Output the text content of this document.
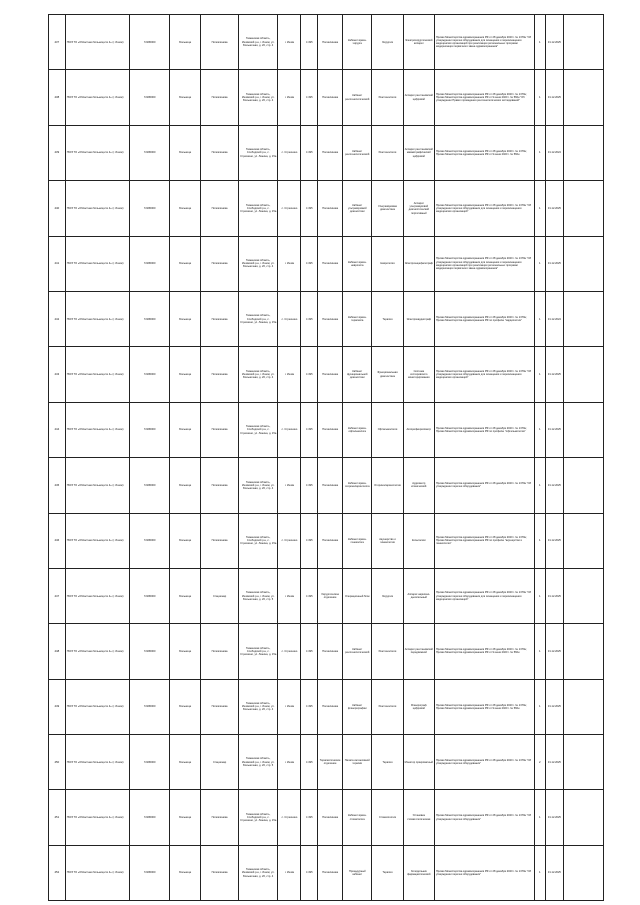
437	ГБУЗ ТО «Областная больница № 4» (г. Ишим)	72180000	Больница	Поликлиника	Тюменская область, Ишимский р-н, г. Ишим, ул. Больничная, д. 20, стр. 4	г. Ишим	4 495	Поликлиника	Кабинет врача-хирурга	Хирургия	Электрохирургический аппарат	Приказ Министерства здравоохранения РФ от 28 декабря 2020 г. № 1379н "Об утверждении перечня оборудования для оснащения и переоснащения медицинских организаций при реализации региональных программ модернизации первичного звена здравоохранения"	1	31.12.2025	
438	ГБУЗ ТО «Областная больница № 4» (г. Ишим)	72180000	Больница	Поликлиника	Тюменская область, Ишимский р-н, г. Ишим, ул. Больничная, д. 20, стр. 4	г. Ишим	4 495	Поликлиника	Кабинет рентгенологический	Рентгенология	Аппарат рентгеновский цифровой	Приказ Министерства здравоохранения РФ от 28 декабря 2020 г. № 1379н; Приказ Министерства здравоохранения РФ от 9 июня 2020 г. № 560н "Об утверждении Правил проведения рентгенологических исследований"	1	31.12.2025	
439	ГБУЗ ТО «Областная больница № 4» (г. Ишим)	72180000	Больница	Поликлиника	Тюменская область, Слободской р-н, с. Стрехнино, ул. Ленина, д. 15а	с. Стрехнино	4 495	Поликлиника	Кабинет рентгенологический	Рентгенология	Аппарат рентгеновский маммографический цифровой	Приказ Министерства здравоохранения РФ от 28 декабря 2020 г. № 1379н; Приказ Министерства здравоохранения РФ от 9 июня 2020 г. № 560н	1	31.12.2024	
440	ГБУЗ ТО «Областная больница № 4» (г. Ишим)	72180000	Больница	Поликлиника	Тюменская область, Слободской р-н, с. Стрехнино, ул. Ленина, д. 15а	с. Стрехнино	4 495	Поликлиника	Кабинет ультразвуковой диагностики	Ультразвуковая диагностика	Аппарат ультразвуковой диагностический портативный	Приказ Министерства здравоохранения РФ от 28 декабря 2020 г. № 1379н "Об утверждении перечня оборудования для оснащения и переоснащения медицинских организаций"	1	31.12.2025	
441	ГБУЗ ТО «Областная больница № 4» (г. Ишим)	72180000	Больница	Поликлиника	Тюменская область, Ишимский р-н, г. Ишим, ул. Больничная, д. 20, стр. 4	г. Ишим	4 495	Поликлиника	Кабинет врача-невролога	Неврология	Электроэнцефалограф	Приказ Министерства здравоохранения РФ от 28 декабря 2020 г. № 1379н "Об утверждении перечня оборудования для оснащения и переоснащения медицинских организаций при реализации региональных программ модернизации первичного звена здравоохранения"	1	31.12.2025	
442	ГБУЗ ТО «Областная больница № 4» (г. Ишим)	72180000	Больница	Поликлиника	Тюменская область, Слободской р-н, с. Стрехнино, ул. Ленина, д. 15а	с. Стрехнино	4 495	Поликлиника	Кабинет врача-терапевта	Терапия	Электрокардиограф	Приказ Министерства здравоохранения РФ от 28 декабря 2020 г. № 1379н; Приказ Министерства здравоохранения РФ по профилю "кардиология"	1	31.12.2024	
443	ГБУЗ ТО «Областная больница № 4» (г. Ишим)	72180000	Больница	Поликлиника	Тюменская область, Ишимский р-н, г. Ишим, ул. Больничная, д. 20, стр. 4	г. Ишим	4 495	Поликлиника	Кабинет функциональной диагностики	Функциональная диагностика	Система холтеровского мониторирования	Приказ Министерства здравоохранения РФ от 28 декабря 2020 г. № 1379н "Об утверждении перечня оборудования для оснащения и переоснащения медицинских организаций"	1	31.12.2025	
444	ГБУЗ ТО «Областная больница № 4» (г. Ишим)	72180000	Больница	Поликлиника	Тюменская область, Слободской р-н, с. Стрехнино, ул. Ленина, д. 15а	с. Стрехнино	4 495	Поликлиника	Кабинет врача-офтальмолога	Офтальмология	Авторефкератометр	Приказ Министерства здравоохранения РФ от 28 декабря 2020 г. № 1379н; Приказ Министерства здравоохранения РФ по профилю "офтальмология"	1	31.12.2025	
445	ГБУЗ ТО «Областная больница № 4» (г. Ишим)	72180000	Больница	Поликлиника	Тюменская область, Ишимский р-н, г. Ишим, ул. Больничная, д. 20, стр. 4	г. Ишим	4 495	Поликлиника	Кабинет врача-оториноларинголога	Оториноларингология	Аудиометр клинический	Приказ Министерства здравоохранения РФ от 28 декабря 2020 г. № 1379н "Об утверждении перечня оборудования"	1	31.12.2025	
446	ГБУЗ ТО «Областная больница № 4» (г. Ишим)	72180000	Больница	Поликлиника	Тюменская область, Слободской р-н, с. Стрехнино, ул. Ленина, д. 15а	с. Стрехнино	4 495	Поликлиника	Кабинет врача-гинеколога	Акушерство и гинекология	Кольпоскоп	Приказ Министерства здравоохранения РФ от 28 декабря 2020 г. № 1379н; Приказ Министерства здравоохранения РФ по профилю "акушерство и гинекология"	1	31.12.2025	
447	ГБУЗ ТО «Областная больница № 4» (г. Ишим)	72180000	Больница	Стационар	Тюменская область, Ишимский р-н, г. Ишим, ул. Больничная, д. 20, стр. 5	г. Ишим	4 495	Хирургическое отделение	Операционный блок	Хирургия	Аппарат наркозно-дыхательный	Приказ Министерства здравоохранения РФ от 28 декабря 2020 г. № 1379н "Об утверждении перечня оборудования для оснащения и переоснащения медицинских организаций"	1	31.12.2025	
448	ГБУЗ ТО «Областная больница № 4» (г. Ишим)	72180000	Больница	Поликлиника	Тюменская область, Слободской р-н, с. Стрехнино, ул. Ленина, д. 15а	с. Стрехнино	4 495	Поликлиника	Кабинет рентгенологический	Рентгенология	Аппарат рентгеновский передвижной	Приказ Министерства здравоохранения РФ от 28 декабря 2020 г. № 1379н; Приказ Министерства здравоохранения РФ от 9 июня 2020 г. № 560н	1	31.12.2025	
449	ГБУЗ ТО «Областная больница № 4» (г. Ишим)	72180000	Больница	Поликлиника	Тюменская область, Ишимский р-н, г. Ишим, ул. Больничная, д. 20, стр. 4	г. Ишим	4 495	Поликлиника	Кабинет флюорографии	Рентгенология	Флюорограф цифровой	Приказ Министерства здравоохранения РФ от 28 декабря 2020 г. № 1379н; Приказ Министерства здравоохранения РФ от 9 июня 2020 г. № 560н	1	31.12.2025	
450	ГБУЗ ТО «Областная больница № 4» (г. Ишим)	72180000	Больница	Стационар	Тюменская область, Ишимский р-н, г. Ишим, ул. Больничная, д. 20, стр. 5	г. Ишим	4 495	Терапевтическое отделение	Палата интенсивной терапии	Терапия	Монитор прикроватный	Приказ Министерства здравоохранения РФ от 28 декабря 2020 г. № 1379н "Об утверждении перечня оборудования"	2	31.12.2025	
451	ГБУЗ ТО «Областная больница № 4» (г. Ишим)	72180000	Больница	Поликлиника	Тюменская область, Слободской р-н, с. Стрехнино, ул. Ленина, д. 15а	с. Стрехнино	4 495	Поликлиника	Кабинет врача-стоматолога	Стоматология	Установка стоматологическая	Приказ Министерства здравоохранения РФ от 28 декабря 2020 г. № 1379н "Об утверждении перечня оборудования"	1	31.12.2025	
452	ГБУЗ ТО «Областная больница № 4» (г. Ишим)	72180000	Больница	Поликлиника	Тюменская область, Ишимский р-н, г. Ишим, ул. Больничная, д. 20, стр. 4	г. Ишим	4 495	Поликлиника	Процедурный кабинет	Терапия	Холодильник фармацевтический	Приказ Министерства здравоохранения РФ от 28 декабря 2020 г. № 1379н "Об утверждении перечня оборудования"	1	31.12.2025	
